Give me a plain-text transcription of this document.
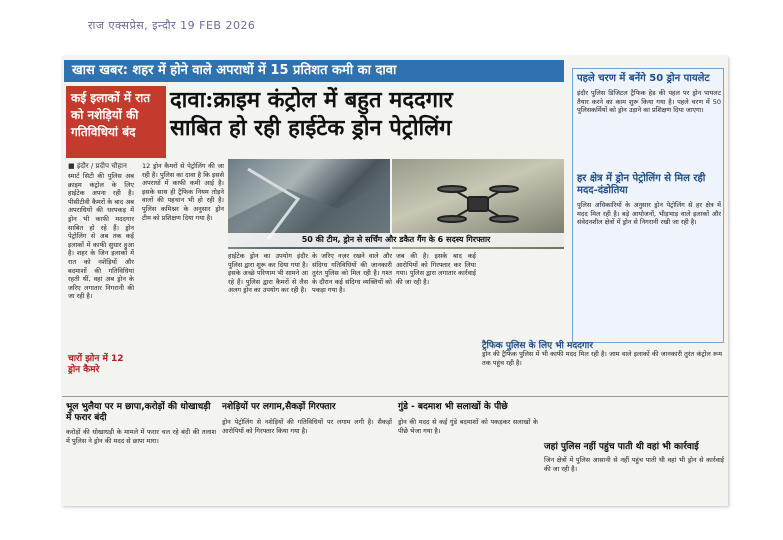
राज एक्सप्रेस, इन्दौर 19 FEB 2026
खास खबर: शहर में होने वाले अपराधों में 15 प्रतिशत कमी का दावा
कई इलाकों में रात को नशेड़ियों की गतिविधियां बंद
दावा:क्राइम कंट्रोल में बहुत मददगार
साबित हो रही हाईटेक ड्रोन पेट्रोलिंग
■ इंदौर / प्रदीप चौहान
स्मार्ट सिटी की पुलिस अब क्राइम कंट्रोल के लिए हाईटेक अपना रही है। पीसीटीवी कैमरों के बाद अब अपराधियों की धरपकड़ में ड्रोन भी काफी मददगार साबित हो रहे हैं। ड्रोन पेट्रोलिंग से अब तक कई इलाकों में काफी सुधार हुआ है। शहर के जिन इलाकों में रात को नशेड़ियों और बदमाशों की गतिविधियां रहती थीं, वहां अब ड्रोन के जरिए लगातार निगरानी की जा रही है।
12 ड्रोन कैमरों से पेट्रोलिंग की जा रही है। पुलिस का दावा है कि इससे अपराधों में काफी कमी आई है। इसके साथ ही ट्रैफिक नियम तोड़ने वालों की पहचान भी हो रही है। पुलिस कमिश्नर के अनुसार ड्रोन टीम को प्रशिक्षण दिया गया है।
चारों झोन में 12 ड्रोन कैमरे
50 की टीम, ड्रोन से सर्चिंग और डकैत गैंग के 6 सदस्य गिरफ्तार
हाईटेक ड्रोन का उपयोग इंदौर पुलिस द्वारा शुरू कर दिया गया है। इसके अच्छे परिणाम भी सामने आ रहे हैं। पुलिस द्वारा कैमरों से लैस अलग ड्रोन का उपयोग कर रही है।
के जरिए नज़र रखने वाले और संदिग्ध गतिविधियों की जानकारी तुरंत पुलिस को मिल रही है। गश्त के दौरान कई संदिग्ध व्यक्तियों को पकड़ा गया है।
जब की है। इसके बाद कई आरोपियों को गिरफ्तार कर लिया गया। पुलिस द्वारा लगातार कार्रवाई की जा रही है।
पहले चरण में बनेंगे 50 ड्रोन पायलेट
इंदौर पुलिस डिजिटल ट्रैफिक हेड की पहल पर ड्रोन पायलट तैयार करने का काम शुरू किया गया है। पहले चरण में 50 पुलिसकर्मियों को ड्रोन उड़ाने का प्रशिक्षण दिया जाएगा।
हर क्षेत्र में ड्रोन पेट्रोलिंग से मिल रही मदद-दंडोतिया
पुलिस अधिकारियों के अनुसार ड्रोन पेट्रोलिंग से हर क्षेत्र में मदद मिल रही है। बड़े आयोजनों, भीड़भाड़ वाले इलाकों और संवेदनशील क्षेत्रों में ड्रोन से निगरानी रखी जा रही है।
ट्रैफिक पुलिस के लिए भी मददगार
ड्रोन की ट्रैफिक पुलिस में भी काफी मदद मिल रही है। जाम वाले इलाकों की जानकारी तुरंत कंट्रोल रूम तक पहुंच रही है।
भूल भुलैया पर म छापा,करोड़ों की धोखाधड़ी में फरार बंदी
करोड़ों की धोखाधड़ी के मामले में फरार चल रहे बंदी की तलाश में पुलिस ने ड्रोन की मदद से छापा मारा।
नशेड़ियों पर लगाम,सैकड़ों गिरफ्तार
ड्रोन पेट्रोलिंग से नशेड़ियों की गतिविधियों पर लगाम लगी है। सैकड़ों आरोपियों को गिरफ्तार किया गया है।
गुंडे - बदमाश भी सलाखों के पीछे
ड्रोन की मदद से कई गुंडे बदमाशों को पकड़कर सलाखों के पीछे भेजा गया है।
जहां पुलिस नहीं पहुंच पाती थी वहां भी कार्रवाई
जिन क्षेत्रों में पुलिस आसानी से नहीं पहुंच पाती थी वहां भी ड्रोन से कार्रवाई की जा रही है।
